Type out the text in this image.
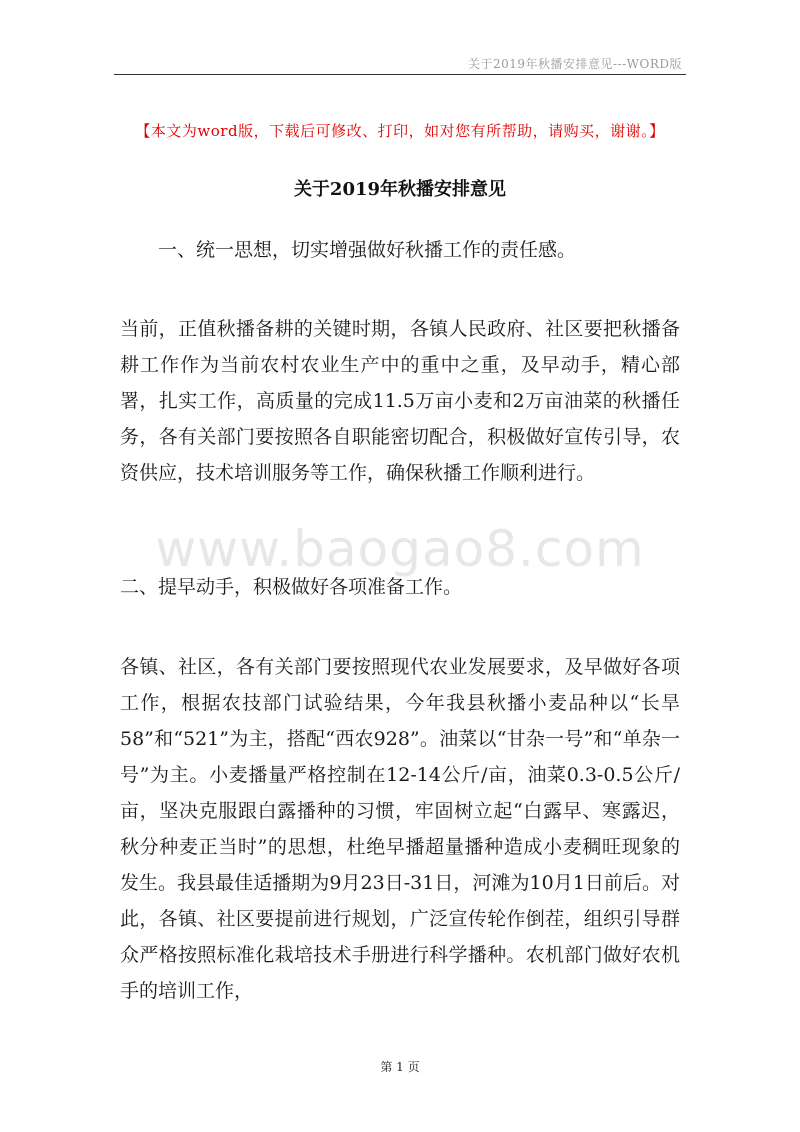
关于2019年秋播安排意见---WORD版
【本文为word版，下载后可修改、打印，如对您有所帮助，请购买，谢谢。】
关于2019年秋播安排意见
一、统一思想，切实增强做好秋播工作的责任感。
当前，正值秋播备耕的关键时期，各镇人民政府、社区要把秋播备耕工作作为当前农村农业生产中的重中之重，及早动手，精心部署，扎实工作，高质量的完成11.5万亩小麦和2万亩油菜的秋播任务，各有关部门要按照各自职能密切配合，积极做好宣传引导，农资供应，技术培训服务等工作，确保秋播工作顺利进行。
www.baogao8.com
二、提早动手，积极做好各项准备工作。
各镇、社区，各有关部门要按照现代农业发展要求，及早做好各项工作，根据农技部门试验结果，今年我县秋播小麦品种以“长旱 58”和“521”为主，搭配“西农928”。油菜以“甘杂一号”和“单杂一号”为主。小麦播量严格控制在12-14公斤/亩，油菜0.3-0.5公斤/亩，坚决克服跟白露播种的习惯，牢固树立起“白露早、寒露迟，秋分种麦正当时”的思想，杜绝早播超量播种造成小麦稠旺现象的发生。我县最佳适播期为9月23日-31日，河滩为10月1日前后。对此，各镇、社区要提前进行规划，广泛宣传轮作倒茬，组织引导群众严格按照标准化栽培技术手册进行科学播种。农机部门做好农机手的培训工作，
第 1 页
